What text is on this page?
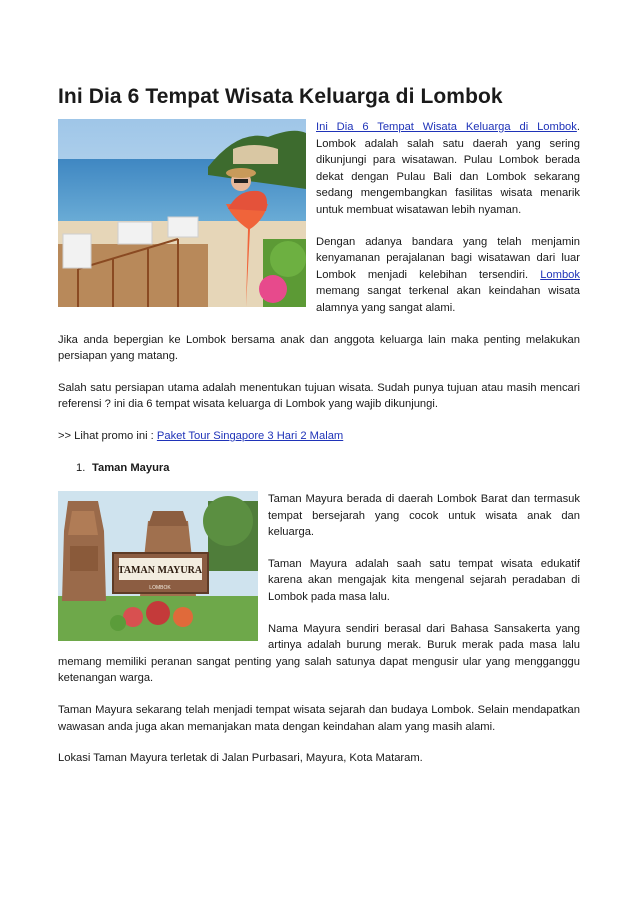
Ini Dia 6 Tempat Wisata Keluarga di Lombok

Ini Dia 6 Tempat Wisata Keluarga di Lombok. Lombok adalah salah satu daerah yang sering dikunjungi para wisatawan. Pulau Lombok berada dekat dengan Pulau Bali dan Lombok sekarang sedang mengembangkan fasilitas wisata menarik untuk membuat wisatawan lebih nyaman.

Dengan adanya bandara yang telah menjamin kenyamanan perajalanan bagi wisatawan dari luar Lombok menjadi kelebihan tersendiri. Lombok memang sangat terkenal akan keindahan wisata alamnya yang sangat alami.

Jika anda bepergian ke Lombok bersama anak dan anggota keluarga lain maka penting melakukan persiapan yang matang.

Salah satu persiapan utama adalah menentukan tujuan wisata. Sudah punya tujuan atau masih mencari referensi ? ini dia 6 tempat wisata keluarga di Lombok yang wajib dikunjungi.

>> Lihat promo ini : Paket Tour Singapore 3 Hari 2 Malam

1. Taman Mayura
TAMAN MAYURA
LOMBOK

Taman Mayura berada di daerah Lombok Barat dan termasuk tempat bersejarah yang cocok untuk wisata anak dan keluarga.

Taman Mayura adalah saah satu tempat wisata edukatif karena akan mengajak kita mengenal sejarah peradaban di Lombok pada masa lalu.

Nama Mayura sendiri berasal dari Bahasa Sansakerta yang artinya adalah burung merak. Buruk merak pada masa lalu memang memiliki peranan sangat penting yang salah satunya dapat mengusir ular yang mengganggu ketenangan warga.

Taman Mayura sekarang telah menjadi tempat wisata sejarah dan budaya Lombok. Selain mendapatkan wawasan anda juga akan memanjakan mata dengan keindahan alam yang masih alami.

Lokasi Taman Mayura terletak di Jalan Purbasari, Mayura, Kota Mataram.
